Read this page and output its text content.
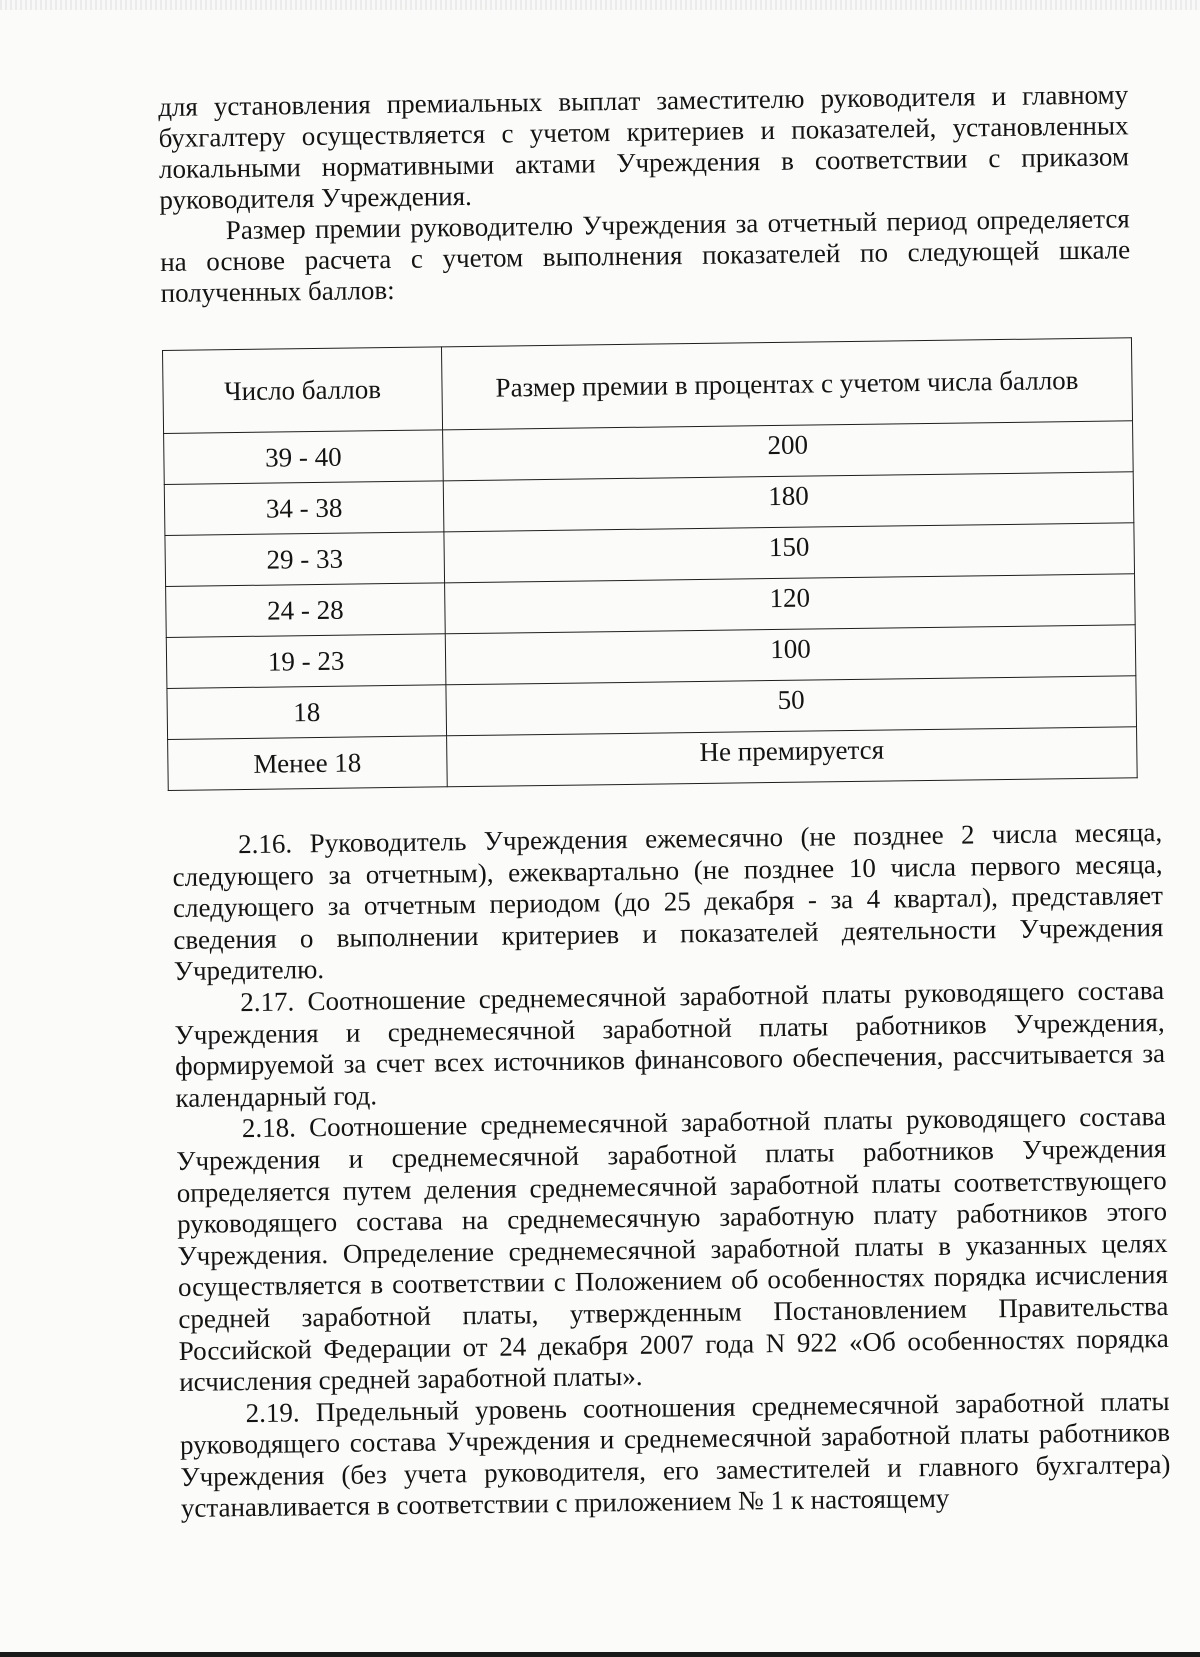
для установления премиальных выплат заместителю руководителя и главному бухгалтеру осуществляется с учетом критериев и показателей, установленных локальными нормативными актами Учреждения в соответствии с приказом руководителя Учреждения.

Размер премии руководителю Учреждения за отчетный период определяется на основе расчета с учетом выполнения показателей по следующей шкале полученных баллов:

Число баллов	Размер премии в процентах с учетом числа баллов
39 - 40	200
34 - 38	180
29 - 33	150
24 - 28	120
19 - 23	100
18	50
Менее 18	Не премируется

2.16. Руководитель Учреждения ежемесячно (не позднее 2 числа месяца, следующего за отчетным), ежеквартально (не позднее 10 числа первого месяца, следующего за отчетным периодом (до 25 декабря - за 4 квартал), представляет сведения о выполнении критериев и показателей деятельности Учреждения Учредителю.

2.17. Соотношение среднемесячной заработной платы руководящего состава Учреждения и среднемесячной заработной платы работников Учреждения, формируемой за счет всех источников финансового обеспечения, рассчитывается за календарный год.

2.18. Соотношение среднемесячной заработной платы руководящего состава Учреждения и среднемесячной заработной платы работников Учреждения определяется путем деления среднемесячной заработной платы соответствующего руководящего состава на среднемесячную заработную плату работников этого Учреждения. Определение среднемесячной заработной платы в указанных целях осуществляется в соответствии с Положением об особенностях порядка исчисления средней заработной платы, утвержденным Постановлением Правительства Российской Федерации от 24 декабря 2007 года N 922 «Об особенностях порядка исчисления средней заработной платы».

2.19. Предельный уровень соотношения среднемесячной заработной платы руководящего состава Учреждения и среднемесячной заработной платы работников Учреждения (без учета руководителя, его заместителей и главного бухгалтера) устанавливается в соответствии с приложением № 1 к настоящему
